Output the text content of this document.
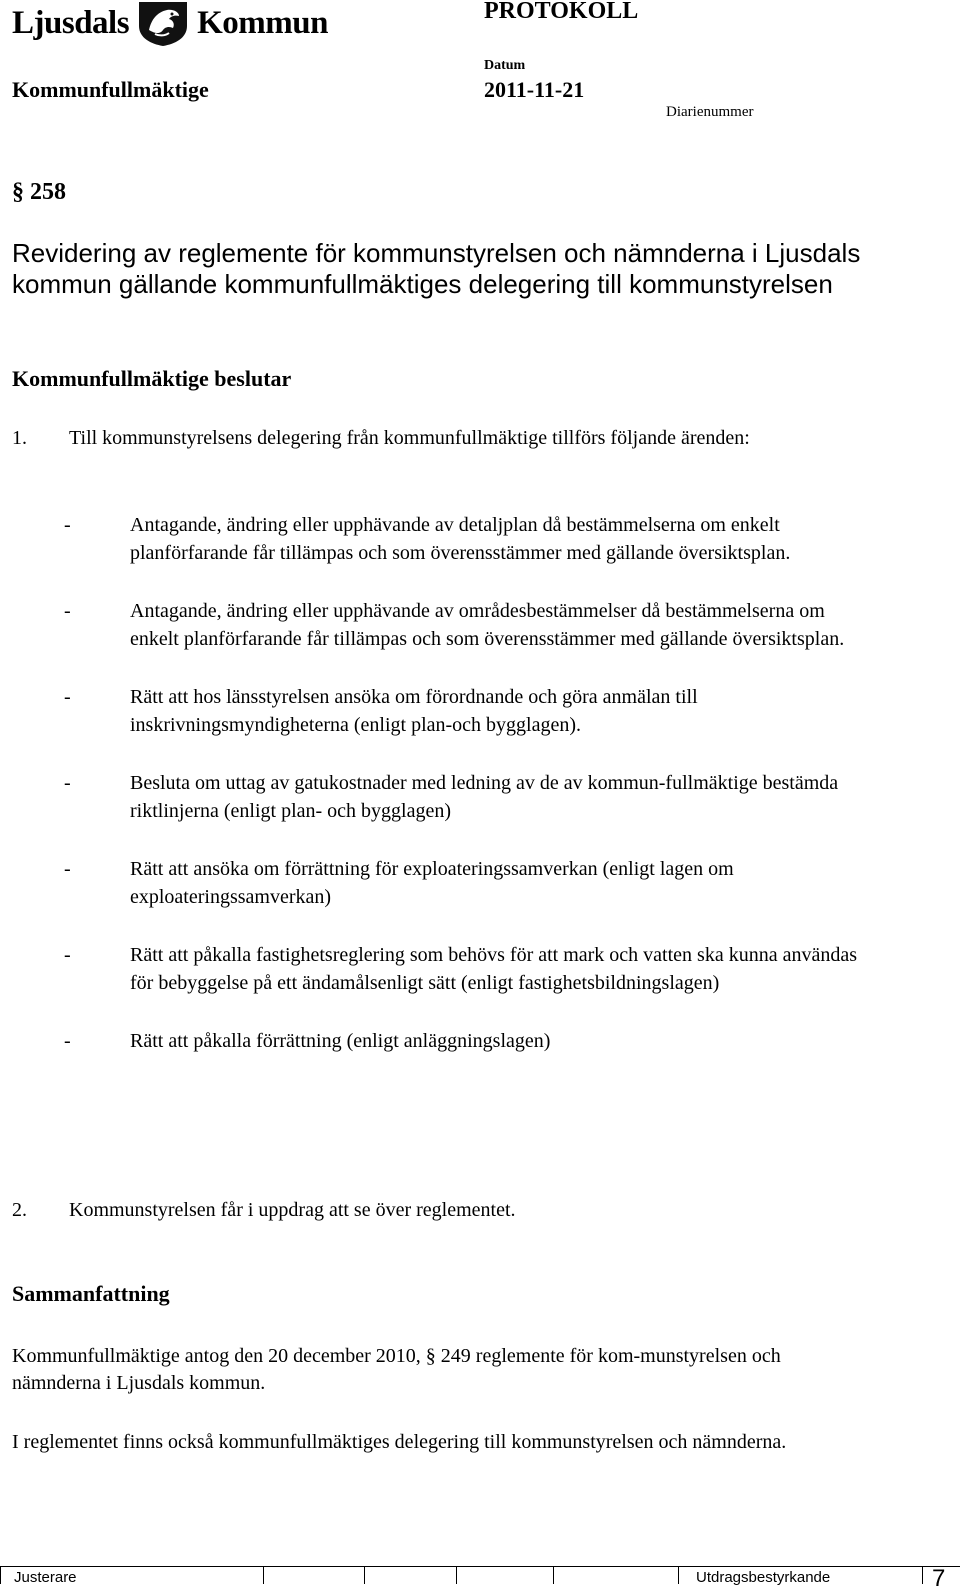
Ljusdals Kommun	PROTOKOLL
Kommunfullmäktige
Datum
2011-11-21
Diarienummer
§ 258
Revidering av reglemente för kommunstyrelsen och nämnderna i Ljusdals kommun gällande kommunfullmäktiges delegering till kommunstyrelsen
Kommunfullmäktige beslutar
1. Till kommunstyrelsens delegering från kommunfullmäktige tillförs följande ärenden:
-	Antagande, ändring eller upphävande av detaljplan då bestämmelserna om enkelt planförfarande får tillämpas och som överensstämmer med gällande översiktsplan.
-	Antagande, ändring eller upphävande av områdesbestämmelser då bestämmelserna om enkelt planförfarande får tillämpas och som överensstämmer med gällande översiktsplan.
-	Rätt att hos länsstyrelsen ansöka om förordnande och göra anmälan till inskrivningsmyndigheterna (enligt plan-och bygglagen).
-	Besluta om uttag av gatukostnader med ledning av de av kommun-fullmäktige bestämda riktlinjerna (enligt plan- och bygglagen)
-	Rätt att ansöka om förrättning för exploateringssamverkan (enligt lagen om exploateringssamverkan)
-	Rätt att påkalla fastighetsreglering som behövs för att mark och vatten ska kunna användas för bebyggelse på ett ändamålsenligt sätt (enligt fastighetsbildningslagen)
-	Rätt att påkalla förrättning (enligt anläggningslagen)
2. Kommunstyrelsen får i uppdrag att se över reglementet.
Sammanfattning
Kommunfullmäktige antog den 20 december 2010, § 249 reglemente för kom-munstyrelsen och nämnderna i Ljusdals kommun.
I reglementet finns också kommunfullmäktiges delegering till kommunstyrelsen och nämnderna.
Justerare	Utdragsbestyrkande	7
